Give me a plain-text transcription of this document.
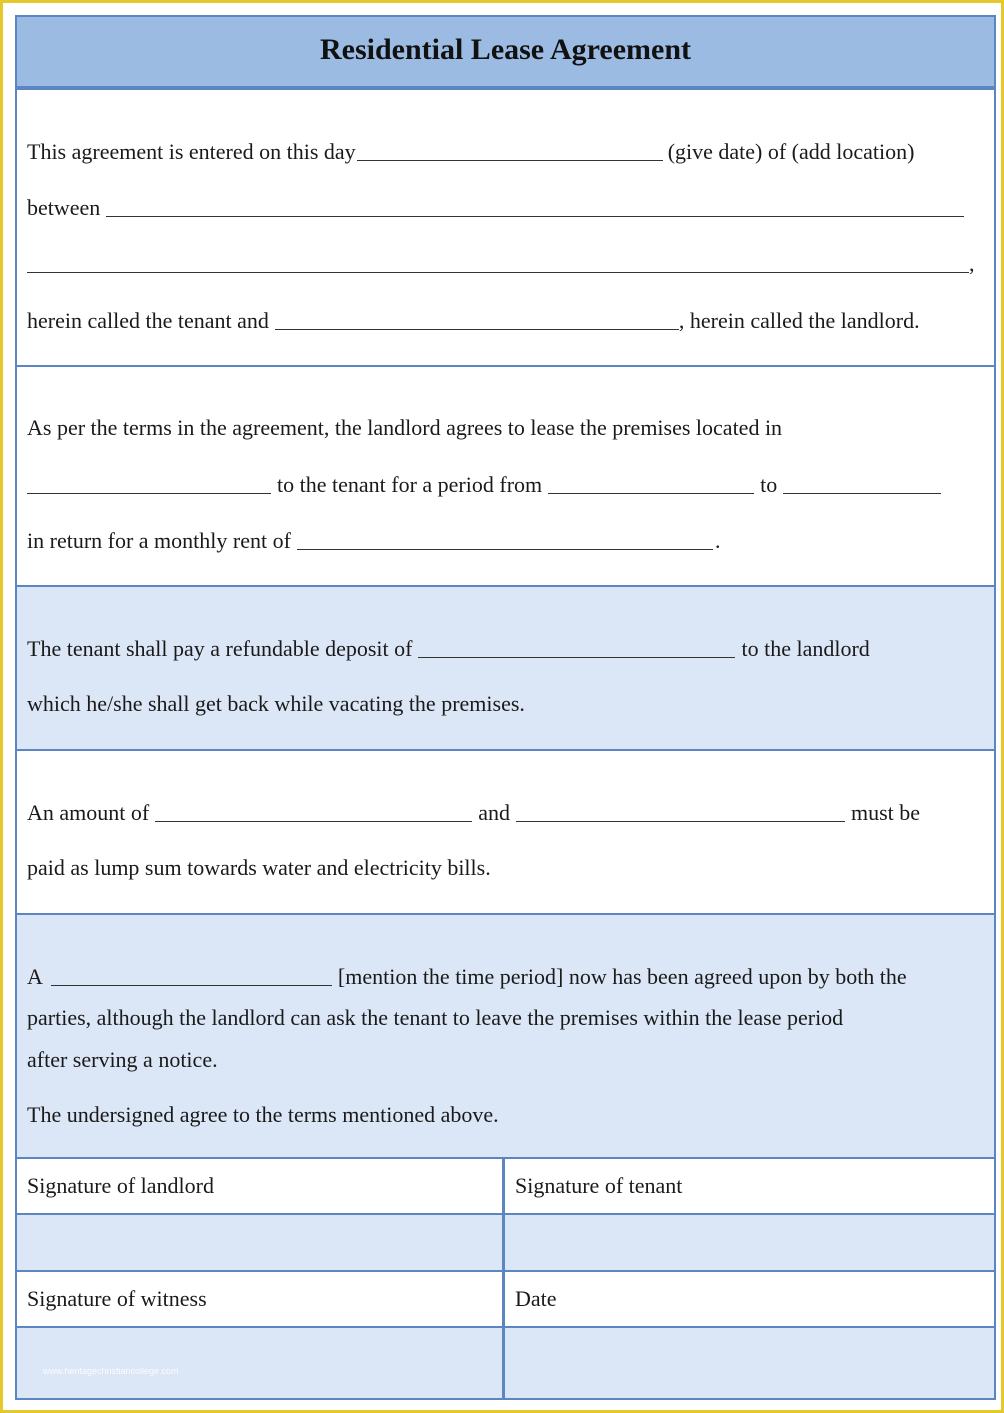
Residential Lease Agreement
This agreement is entered on this day	(give date) of (add location)
between
,
herein called the tenant and	, herein called the landlord.
As per the terms in the agreement, the landlord agrees to lease the premises located in
to the tenant for a period from	to
in return for a monthly rent of	.
The tenant shall pay a refundable deposit of	to the landlord
which he/she shall get back while vacating the premises.
An amount of	and	must be
paid as lump sum towards water and electricity bills.
A	[mention the time period] now has been agreed upon by both the
parties, although the landlord can ask the tenant to leave the premises within the lease period
after serving a notice.
The undersigned agree to the terms mentioned above.
Signature of landlord	Signature of tenant
Signature of witness	Date
www.heritagechristiancollege.com
